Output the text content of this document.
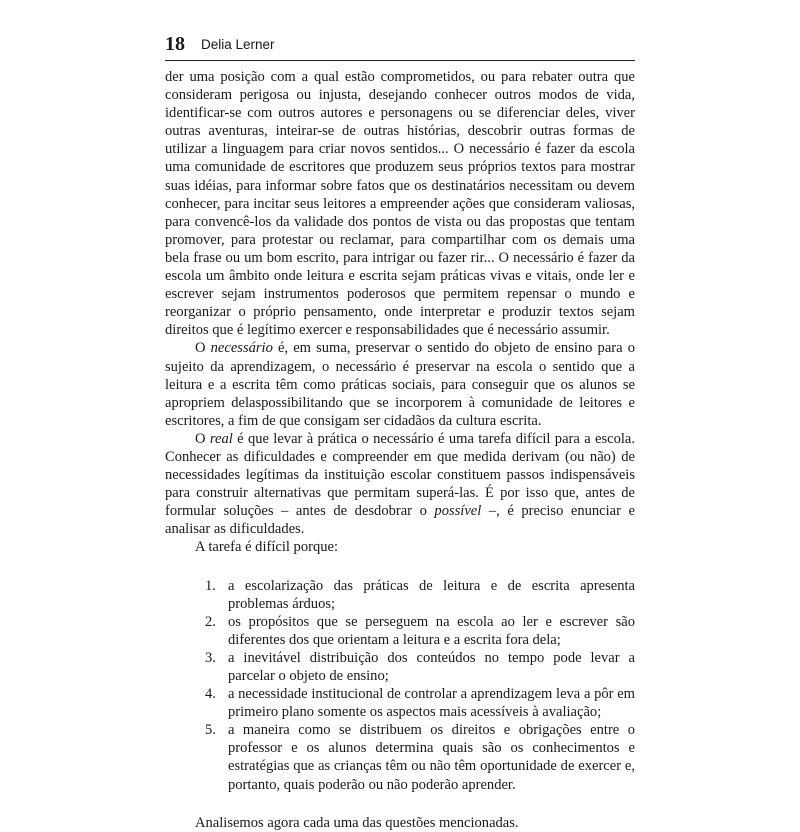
18 Delia Lerner

der uma posição com a qual estão comprometidos, ou para rebater outra que consideram perigosa ou injusta, desejando conhecer outros modos de vida, identificar-se com outros autores e personagens ou se diferenciar deles, viver outras aventuras, inteirar-se de outras histórias, descobrir outras formas de utilizar a linguagem para criar novos sentidos... O necessário é fazer da escola uma comunidade de escritores que produzem seus próprios textos para mostrar suas idéias, para informar sobre fatos que os destinatários necessitam ou devem conhecer, para incitar seus leitores a empreender ações que consideram valiosas, para convencê-los da validade dos pontos de vista ou das propostas que tentam promover, para protestar ou reclamar, para compartilhar com os demais uma bela frase ou um bom escrito, para intrigar ou fazer rir... O necessário é fazer da escola um âmbito onde leitura e escrita sejam práticas vivas e vitais, onde ler e escrever sejam instrumentos poderosos que permitem repensar o mundo e reorganizar o próprio pensamento, onde interpretar e produzir textos sejam direitos que é legítimo exercer e responsabilidades que é necessário assumir.

O necessário é, em suma, preservar o sentido do objeto de ensino para o sujeito da aprendizagem, o necessário é preservar na escola o sentido que a leitura e a escrita têm como práticas sociais, para conseguir que os alunos se apropriem delaspossibilitando que se incorporem à comunidade de leitores e escritores, a fim de que consigam ser cidadãos da cultura escrita.

O real é que levar à prática o necessário é uma tarefa difícil para a escola. Conhecer as dificuldades e compreender em que medida derivam (ou não) de necessidades legítimas da instituição escolar constituem passos indispensáveis para construir alternativas que permitam superá-las. É por isso que, antes de formular soluções – antes de desdobrar o possível –, é preciso enunciar e analisar as dificuldades.

A tarefa é difícil porque:

1. a escolarização das práticas de leitura e de escrita apresenta problemas árduos;
2. os propósitos que se perseguem na escola ao ler e escrever são diferentes dos que orientam a leitura e a escrita fora dela;
3. a inevitável distribuição dos conteúdos no tempo pode levar a parcelar o objeto de ensino;
4. a necessidade institucional de controlar a aprendizagem leva a pôr em primeiro plano somente os aspectos mais acessíveis à avaliação;
5. a maneira como se distribuem os direitos e obrigações entre o professor e os alunos determina quais são os conhecimentos e estratégias que as crianças têm ou não têm oportunidade de exercer e, portanto, quais poderão ou não poderão aprender.

Analisemos agora cada uma das questões mencionadas.
